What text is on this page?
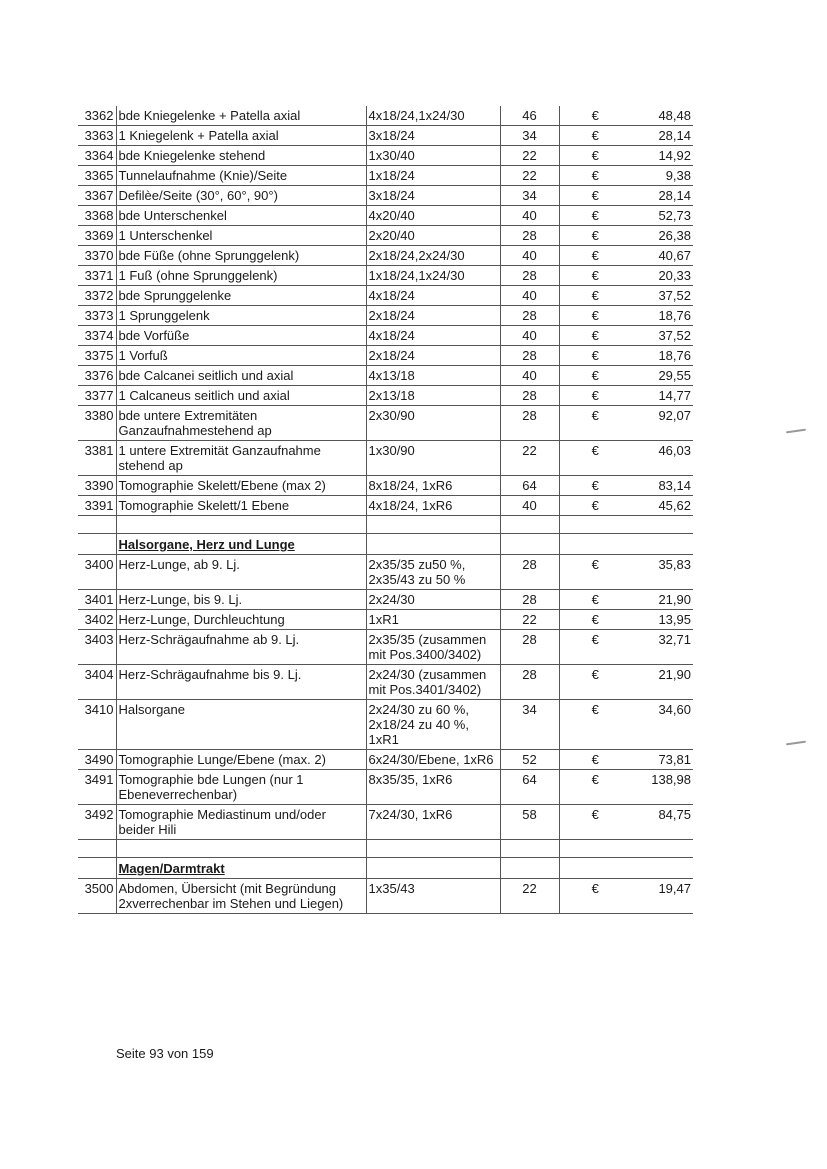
3362	bde Kniegelenke + Patella axial	4x18/24,1x24/30	46	€	48,48
3363	1 Kniegelenk + Patella axial	3x18/24	34	€	28,14
3364	bde Kniegelenke stehend	1x30/40	22	€	14,92
3365	Tunnelaufnahme (Knie)/Seite	1x18/24	22	€	9,38
3367	Defilèe/Seite (30°, 60°, 90°)	3x18/24	34	€	28,14
3368	bde Unterschenkel	4x20/40	40	€	52,73
3369	1 Unterschenkel	2x20/40	28	€	26,38
3370	bde Füße (ohne Sprunggelenk)	2x18/24,2x24/30	40	€	40,67
3371	1 Fuß (ohne Sprunggelenk)	1x18/24,1x24/30	28	€	20,33
3372	bde Sprunggelenke	4x18/24	40	€	37,52
3373	1 Sprunggelenk	2x18/24	28	€	18,76
3374	bde Vorfüße	4x18/24	40	€	37,52
3375	1 Vorfuß	2x18/24	28	€	18,76
3376	bde Calcanei seitlich und axial	4x13/18	40	€	29,55
3377	1 Calcaneus seitlich und axial	2x13/18	28	€	14,77
3380	bde untere Extremitäten Ganzaufnahmestehend ap	2x30/90	28	€	92,07
3381	1 untere Extremität Ganzaufnahme stehend ap	1x30/90	22	€	46,03
3390	Tomographie Skelett/Ebene (max 2)	8x18/24, 1xR6	64	€	83,14
3391	Tomographie Skelett/1 Ebene	4x18/24, 1xR6	40	€	45,62

	Halsorgane, Herz und Lunge				
3400	Herz-Lunge, ab 9. Lj.	2x35/35 zu50 %, 2x35/43 zu 50 %	28	€	35,83
3401	Herz-Lunge, bis 9. Lj.	2x24/30	28	€	21,90
3402	Herz-Lunge, Durchleuchtung	1xR1	22	€	13,95
3403	Herz-Schrägaufnahme ab 9. Lj.	2x35/35 (zusammen mit Pos.3400/3402)	28	€	32,71
3404	Herz-Schrägaufnahme bis 9. Lj.	2x24/30 (zusammen mit Pos.3401/3402)	28	€	21,90
3410	Halsorgane	2x24/30 zu 60 %, 2x18/24 zu 40 %, 1xR1	34	€	34,60
3490	Tomographie Lunge/Ebene (max. 2)	6x24/30/Ebene, 1xR6	52	€	73,81
3491	Tomographie bde Lungen (nur 1 Ebeneverrechenbar)	8x35/35, 1xR6	64	€	138,98
3492	Tomographie Mediastinum und/oder beider Hili	7x24/30, 1xR6	58	€	84,75

	Magen/Darmtrakt				
3500	Abdomen, Übersicht (mit Begründung 2xverrechenbar im Stehen und Liegen)	1x35/43	22	€	19,47
Seite 93 von 159
